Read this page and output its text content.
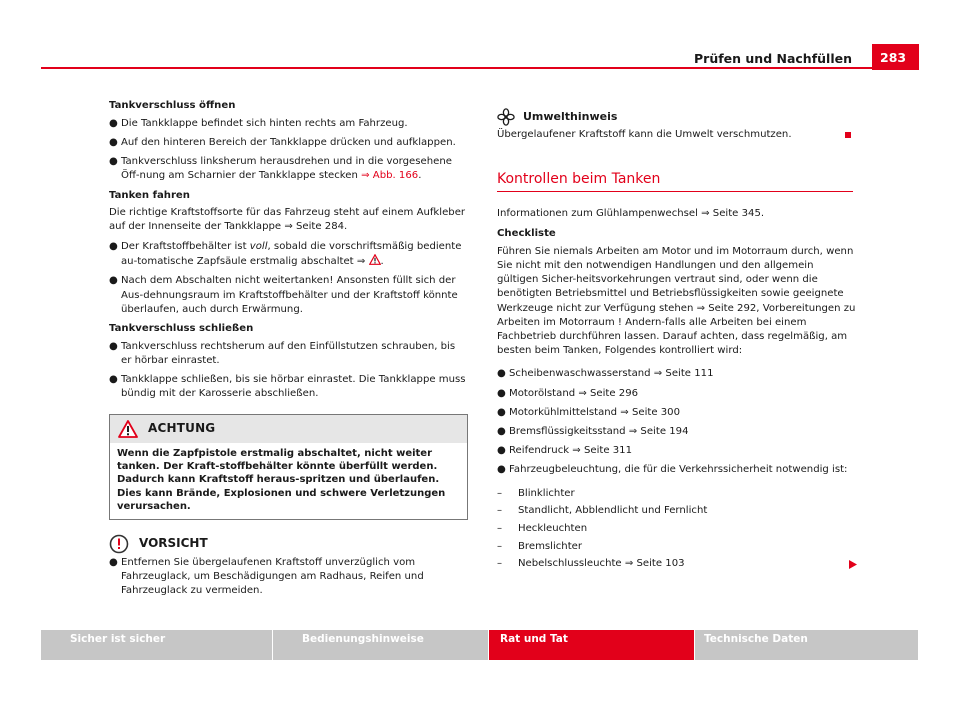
Prüfen und Nachfüllen	283
Tankverschluss öffnen
● Die Tankklappe befindet sich hinten rechts am Fahrzeug.
● Auf den hinteren Bereich der Tankklappe drücken und aufklappen.
● Tankverschluss linksherum herausdrehen und in die vorgesehene Öff-nung am Scharnier der Tankklappe stecken ⇒ Abb. 166.
Tanken fahren
Die richtige Kraftstoffsorte für das Fahrzeug steht auf einem Aufkleber auf der Innenseite der Tankklappe ⇒ Seite 284.
● Der Kraftstoffbehälter ist voll, sobald die vorschriftsmäßig bediente au-tomatische Zapfsäule erstmalig abschaltet ⇒ .
● Nach dem Abschalten nicht weitertanken! Ansonsten füllt sich der Aus-dehnungsraum im Kraftstoffbehälter und der Kraftstoff könnte überlaufen, auch durch Erwärmung.
Tankverschluss schließen
● Tankverschluss rechtsherum auf den Einfüllstutzen schrauben, bis er hörbar einrastet.
● Tankklappe schließen, bis sie hörbar einrastet. Die Tankklappe muss bündig mit der Karosserie abschließen.
ACHTUNG
Wenn die Zapfpistole erstmalig abschaltet, nicht weiter tanken. Der Kraft-stoffbehälter könnte überfüllt werden. Dadurch kann Kraftstoff heraus-spritzen und überlaufen. Dies kann Brände, Explosionen und schwere Verletzungen verursachen.
VORSICHT
● Entfernen Sie übergelaufenen Kraftstoff unverzüglich vom Fahrzeuglack, um Beschädigungen am Radhaus, Reifen und Fahrzeuglack zu vermeiden.
Umwelthinweis
Übergelaufener Kraftstoff kann die Umwelt verschmutzen.
Kontrollen beim Tanken
Informationen zum Glühlampenwechsel ⇒ Seite 345.
Checkliste
Führen Sie niemals Arbeiten am Motor und im Motorraum durch, wenn Sie nicht mit den notwendigen Handlungen und den allgemein gültigen Sicher-heitsvorkehrungen vertraut sind, oder wenn die benötigten Betriebsmittel und Betriebsflüssigkeiten sowie geeignete Werkzeuge nicht zur Verfügung stehen ⇒ Seite 292, Vorbereitungen zu Arbeiten im Motorraum ! Andern-falls alle Arbeiten bei einem Fachbetrieb durchführen lassen. Darauf achten, dass regelmäßig, am besten beim Tanken, Folgendes kontrolliert wird:
● Scheibenwaschwasserstand ⇒ Seite 111
● Motorölstand ⇒ Seite 296
● Motorkühlmittelstand ⇒ Seite 300
● Bremsflüssigkeitsstand ⇒ Seite 194
● Reifendruck ⇒ Seite 311
● Fahrzeugbeleuchtung, die für die Verkehrssicherheit notwendig ist:
–	Blinklichter
–	Standlicht, Abblendlicht und Fernlicht
–	Heckleuchten
–	Bremslichter
–	Nebelschlussleuchte ⇒ Seite 103
Sicher ist sicher	Bedienungshinweise	Rat und Tat	Technische Daten
